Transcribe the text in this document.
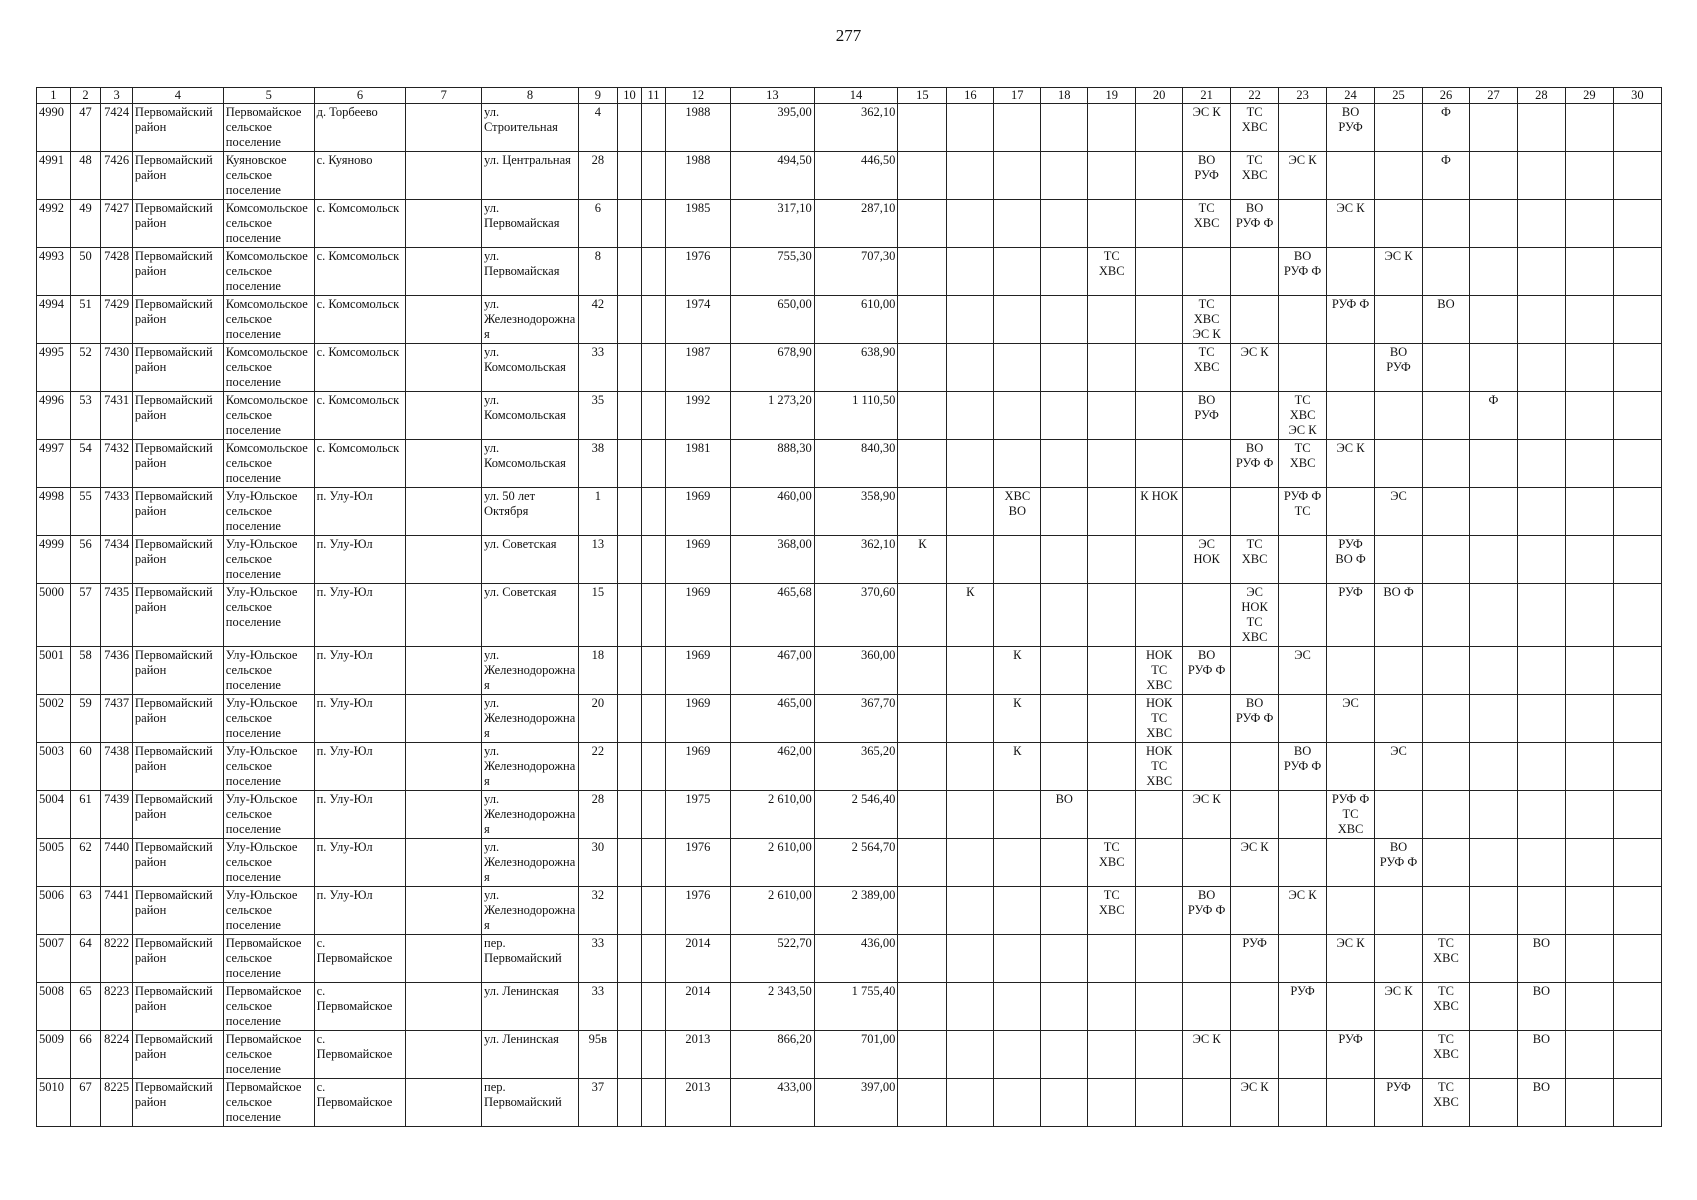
277
1	2	3	4	5	6	7	8	9	10	11	12	13	14	15	16	17	18	19	20	21	22	23	24	25	26	27	28	29	30
4990	47	7424	Первомайский район	Первомайское сельское поселение	д. Торбеево		ул. Строительная	4			1988	395,00	362,10							ЭС К	ТС ХВС		ВО РУФ		Ф				
4991	48	7426	Первомайский район	Куяновское сельское поселение	с. Куяново		ул. Центральная	28			1988	494,50	446,50							ВО РУФ	ТС ХВС	ЭС К			Ф				
4992	49	7427	Первомайский район	Комсомольское сельское поселение	с. Комсомольск		ул. Первомайская	6			1985	317,10	287,10							ТС ХВС	ВО РУФ Ф		ЭС К						
4993	50	7428	Первомайский район	Комсомольское сельское поселение	с. Комсомольск		ул. Первомайская	8			1976	755,30	707,30					ТС ХВС				ВО РУФ Ф		ЭС К					
4994	51	7429	Первомайский район	Комсомольское сельское поселение	с. Комсомольск		ул. Железнодорожная	42			1974	650,00	610,00							ТС ХВС ЭС К			РУФ Ф		ВО				
4995	52	7430	Первомайский район	Комсомольское сельское поселение	с. Комсомольск		ул. Комсомольская	33			1987	678,90	638,90							ТС ХВС	ЭС К			ВО РУФ					
4996	53	7431	Первомайский район	Комсомольское сельское поселение	с. Комсомольск		ул. Комсомольская	35			1992	1 273,20	1 110,50							ВО РУФ		ТС ХВС ЭС К				Ф			
4997	54	7432	Первомайский район	Комсомольское сельское поселение	с. Комсомольск		ул. Комсомольская	38			1981	888,30	840,30								ВО РУФ Ф	ТС ХВС	ЭС К						
4998	55	7433	Первомайский район	Улу-Юльское сельское поселение	п. Улу-Юл		ул. 50 лет Октября	1			1969	460,00	358,90			ХВС ВО			К НОК			РУФ Ф ТС		ЭС					
4999	56	7434	Первомайский район	Улу-Юльское сельское поселение	п. Улу-Юл		ул. Советская	13			1969	368,00	362,10	К						ЭС НОК	ТС ХВС		РУФ ВО Ф						
5000	57	7435	Первомайский район	Улу-Юльское сельское поселение	п. Улу-Юл		ул. Советская	15			1969	465,68	370,60		К						ЭС НОК ТС ХВС		РУФ	ВО Ф					
5001	58	7436	Первомайский район	Улу-Юльское сельское поселение	п. Улу-Юл		ул. Железнодорожная	18			1969	467,00	360,00			К			НОК ТС ХВС	ВО РУФ Ф		ЭС							
5002	59	7437	Первомайский район	Улу-Юльское сельское поселение	п. Улу-Юл		ул. Железнодорожная	20			1969	465,00	367,70			К			НОК ТС ХВС		ВО РУФ Ф		ЭС						
5003	60	7438	Первомайский район	Улу-Юльское сельское поселение	п. Улу-Юл		ул. Железнодорожная	22			1969	462,00	365,20			К			НОК ТС ХВС			ВО РУФ Ф		ЭС					
5004	61	7439	Первомайский район	Улу-Юльское сельское поселение	п. Улу-Юл		ул. Железнодорожная	28			1975	2 610,00	2 546,40				ВО			ЭС К			РУФ Ф ТС ХВС						
5005	62	7440	Первомайский район	Улу-Юльское сельское поселение	п. Улу-Юл		ул. Железнодорожная	30			1976	2 610,00	2 564,70					ТС ХВС			ЭС К			ВО РУФ Ф					
5006	63	7441	Первомайский район	Улу-Юльское сельское поселение	п. Улу-Юл		ул. Железнодорожная	32			1976	2 610,00	2 389,00					ТС ХВС		ВО РУФ Ф		ЭС К							
5007	64	8222	Первомайский район	Первомайское сельское поселение	с. Первомайское		пер. Первомайский	33			2014	522,70	436,00								РУФ		ЭС К		ТС ХВС		ВО		
5008	65	8223	Первомайский район	Первомайское сельское поселение	с. Первомайское		ул. Ленинская	33			2014	2 343,50	1 755,40									РУФ		ЭС К	ТС ХВС		ВО		
5009	66	8224	Первомайский район	Первомайское сельское поселение	с. Первомайское		ул. Ленинская	95в			2013	866,20	701,00							ЭС К			РУФ		ТС ХВС		ВО		
5010	67	8225	Первомайский район	Первомайское сельское поселение	с. Первомайское		пер. Первомайский	37			2013	433,00	397,00								ЭС К			РУФ	ТС ХВС		ВО		
